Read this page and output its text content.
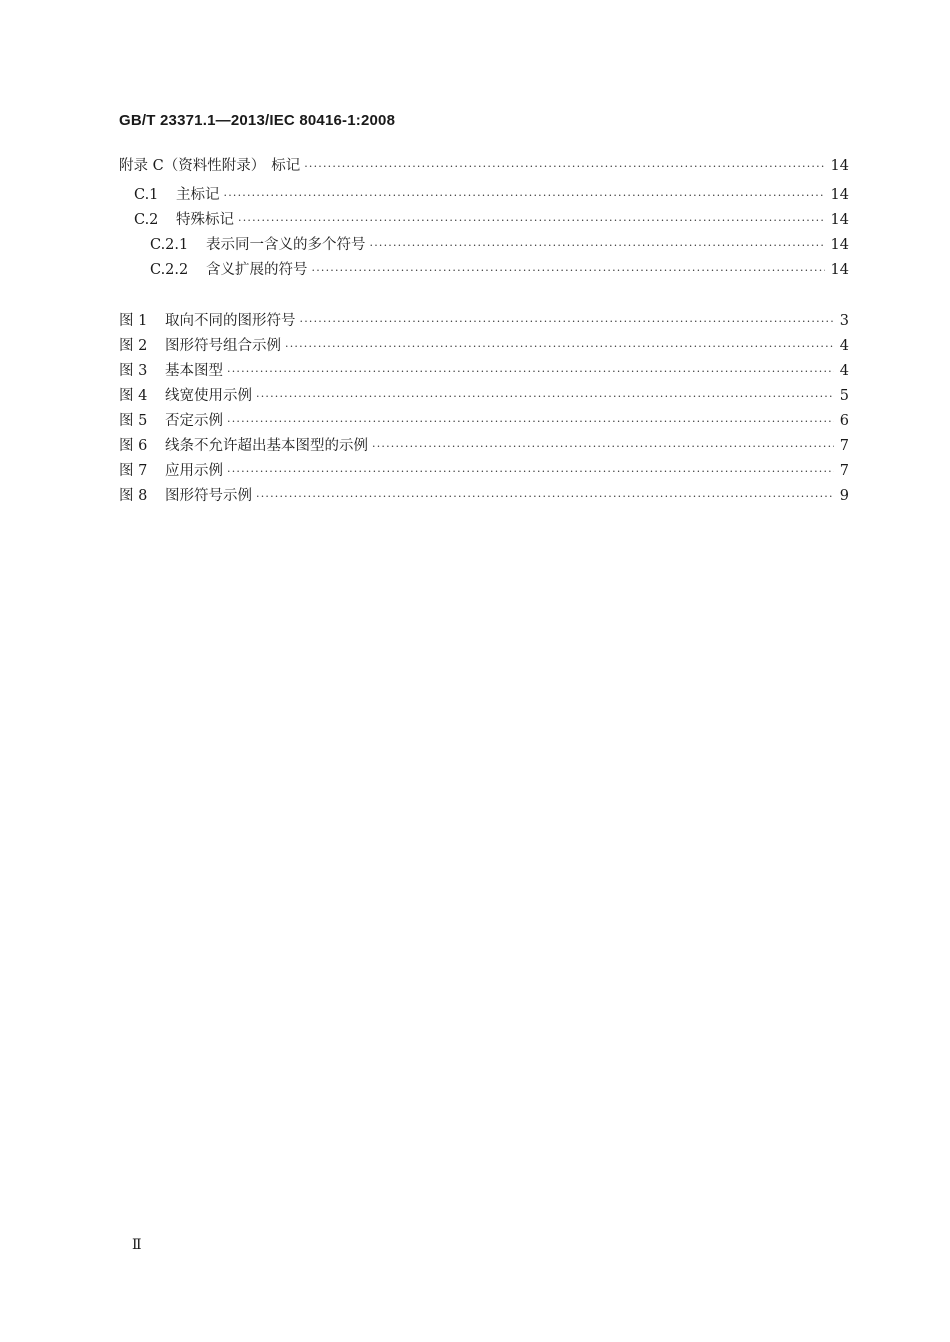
GB/T 23371.1—2013/IEC 80416-1:2008
附录 C（资料性附录） 标记 ·····	14
C.1	主标记 ·····	14
C.2	特殊标记 ·····	14
C.2.1	表示同一含义的多个符号 ·····	14
C.2.2	含义扩展的符号 ·····	14
图 1	取向不同的图形符号 ·····	3
图 2	图形符号组合示例 ·····	4
图 3	基本图型 ·····	4
图 4	线宽使用示例 ·····	5
图 5	否定示例 ·····	6
图 6	线条不允许超出基本图型的示例 ·····	7
图 7	应用示例 ·····	7
图 8	图形符号示例 ·····	9
Ⅱ
